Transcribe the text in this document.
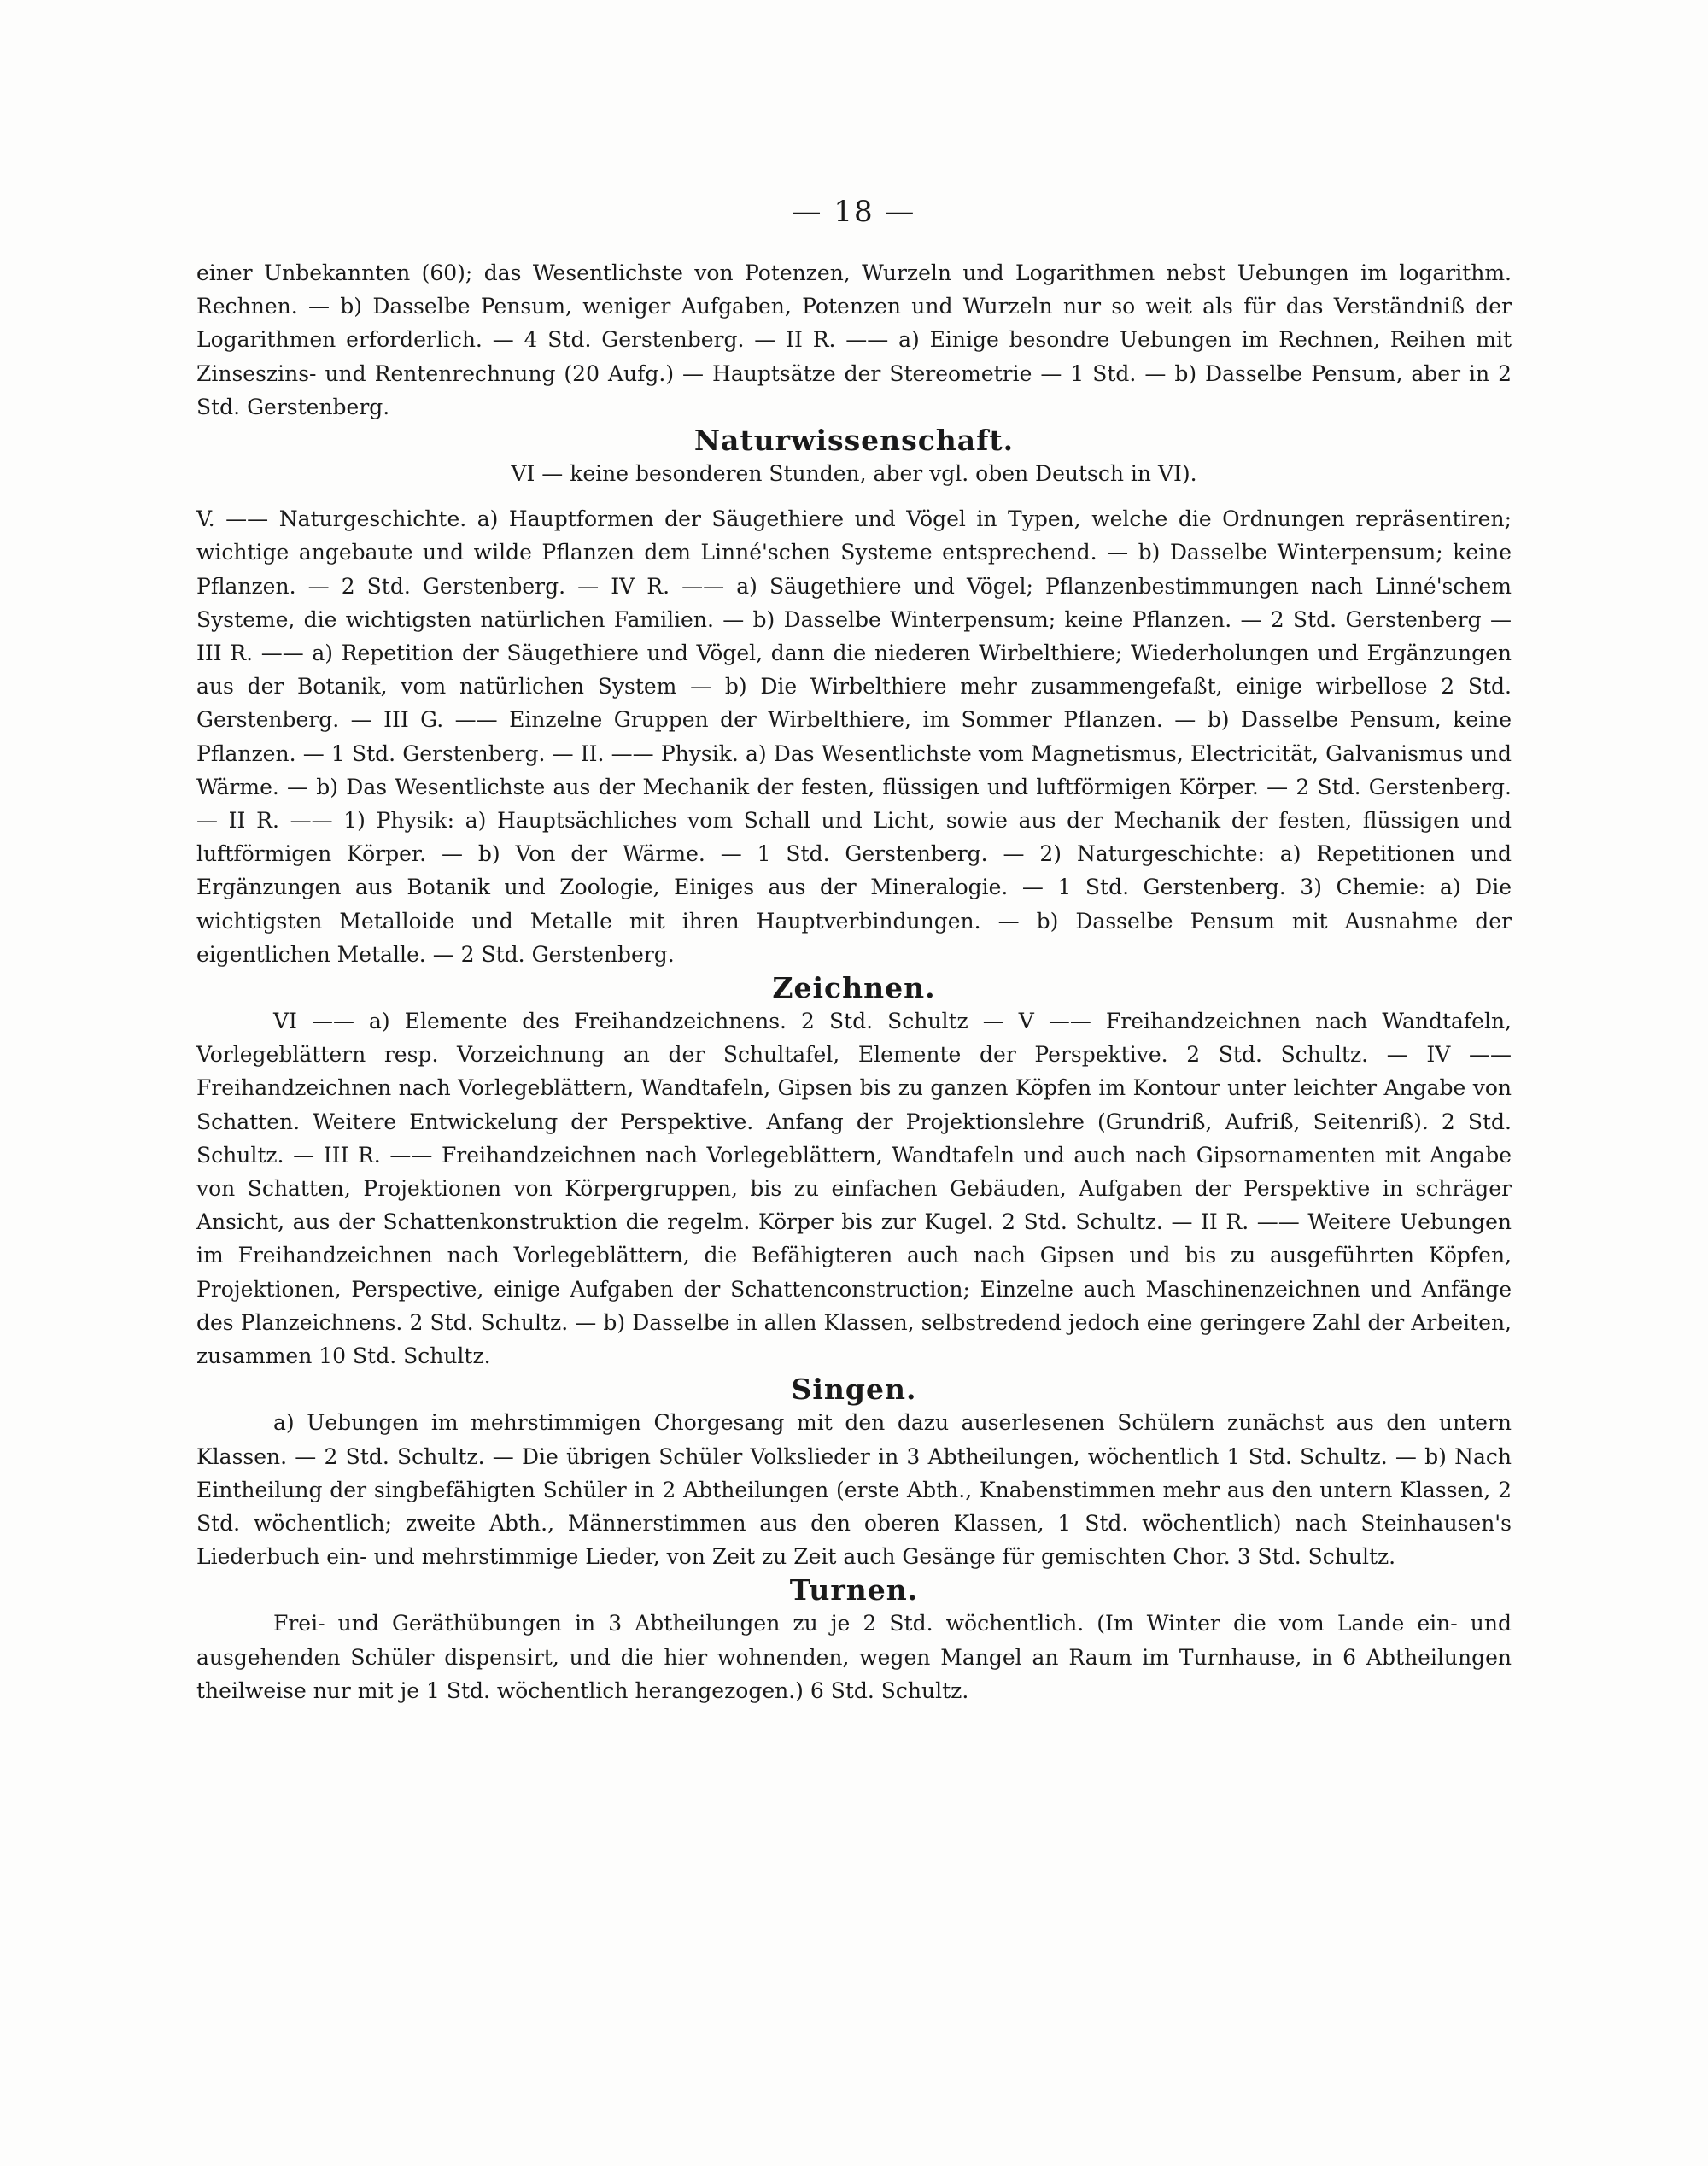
— 18 —

einer Unbekannten (60); das Wesentlichste von Potenzen, Wurzeln und Logarithmen nebst Uebungen im logarithm. Rechnen. — b) Dasselbe Pensum, weniger Aufgaben, Potenzen und Wurzeln nur so weit als für das Verständniß der Logarithmen erforderlich. — 4 Std. Gerstenberg. — II R. —— a) Einige besondre Uebungen im Rechnen, Reihen mit Zinseszins- und Rentenrechnung (20 Aufg.) — Hauptsätze der Stereometrie — 1 Std. — b) Dasselbe Pensum, aber in 2 Std. Gerstenberg.

Naturwissenschaft.

VI — keine besonderen Stunden, aber vgl. oben Deutsch in VI).

V. —— Naturgeschichte. a) Hauptformen der Säugethiere und Vögel in Typen, welche die Ordnungen repräsentiren; wichtige angebaute und wilde Pflanzen dem Linné'schen Systeme entsprechend. — b) Dasselbe Winterpensum; keine Pflanzen. — 2 Std. Gerstenberg. — IV R. —— a) Säugethiere und Vögel; Pflanzenbestimmungen nach Linné'schem Systeme, die wichtigsten natürlichen Familien. — b) Dasselbe Winterpensum; keine Pflanzen. — 2 Std. Gerstenberg — III R. —— a) Repetition der Säugethiere und Vögel, dann die niederen Wirbelthiere; Wiederholungen und Ergänzungen aus der Botanik, vom natürlichen System — b) Die Wirbelthiere mehr zusammengefaßt, einige wirbellose 2 Std. Gerstenberg. — III G. —— Einzelne Gruppen der Wirbelthiere, im Sommer Pflanzen. — b) Dasselbe Pensum, keine Pflanzen. — 1 Std. Gerstenberg. — II. —— Physik. a) Das Wesentlichste vom Magnetismus, Electricität, Galvanismus und Wärme. — b) Das Wesentlichste aus der Mechanik der festen, flüssigen und luftförmigen Körper. — 2 Std. Gerstenberg. — II R. —— 1) Physik: a) Hauptsächliches vom Schall und Licht, sowie aus der Mechanik der festen, flüssigen und luftförmigen Körper. — b) Von der Wärme. — 1 Std. Gerstenberg. — 2) Naturgeschichte: a) Repetitionen und Ergänzungen aus Botanik und Zoologie, Einiges aus der Mineralogie. — 1 Std. Gerstenberg. 3) Chemie: a) Die wichtigsten Metalloide und Metalle mit ihren Hauptverbindungen. — b) Dasselbe Pensum mit Ausnahme der eigentlichen Metalle. — 2 Std. Gerstenberg.

Zeichnen.

VI —— a) Elemente des Freihandzeichnens. 2 Std. Schultz — V —— Freihandzeichnen nach Wandtafeln, Vorlegeblättern resp. Vorzeichnung an der Schultafel, Elemente der Perspektive. 2 Std. Schultz. — IV —— Freihandzeichnen nach Vorlegeblättern, Wandtafeln, Gipsen bis zu ganzen Köpfen im Kontour unter leichter Angabe von Schatten. Weitere Entwickelung der Perspektive. Anfang der Projektionslehre (Grundriß, Aufriß, Seitenriß). 2 Std. Schultz. — III R. —— Freihandzeichnen nach Vorlegeblättern, Wandtafeln und auch nach Gipsornamenten mit Angabe von Schatten, Projektionen von Körpergruppen, bis zu einfachen Gebäuden, Aufgaben der Perspektive in schräger Ansicht, aus der Schattenkonstruktion die regelm. Körper bis zur Kugel. 2 Std. Schultz. — II R. —— Weitere Uebungen im Freihandzeichnen nach Vorlegeblättern, die Befähigteren auch nach Gipsen und bis zu ausgeführten Köpfen, Projektionen, Perspective, einige Aufgaben der Schattenconstruction; Einzelne auch Maschinenzeichnen und Anfänge des Planzeichnens. 2 Std. Schultz. — b) Dasselbe in allen Klassen, selbstredend jedoch eine geringere Zahl der Arbeiten, zusammen 10 Std. Schultz.

Singen.

a) Uebungen im mehrstimmigen Chorgesang mit den dazu auserlesenen Schülern zunächst aus den untern Klassen. — 2 Std. Schultz. — Die übrigen Schüler Volkslieder in 3 Abtheilungen, wöchentlich 1 Std. Schultz. — b) Nach Eintheilung der singbefähigten Schüler in 2 Abtheilungen (erste Abth., Knabenstimmen mehr aus den untern Klassen, 2 Std. wöchentlich; zweite Abth., Männerstimmen aus den oberen Klassen, 1 Std. wöchentlich) nach Steinhausen's Liederbuch ein- und mehrstimmige Lieder, von Zeit zu Zeit auch Gesänge für gemischten Chor. 3 Std. Schultz.

Turnen.

Frei- und Geräthübungen in 3 Abtheilungen zu je 2 Std. wöchentlich. (Im Winter die vom Lande ein- und ausgehenden Schüler dispensirt, und die hier wohnenden, wegen Mangel an Raum im Turnhause, in 6 Abtheilungen theilweise nur mit je 1 Std. wöchentlich herangezogen.) 6 Std. Schultz.
